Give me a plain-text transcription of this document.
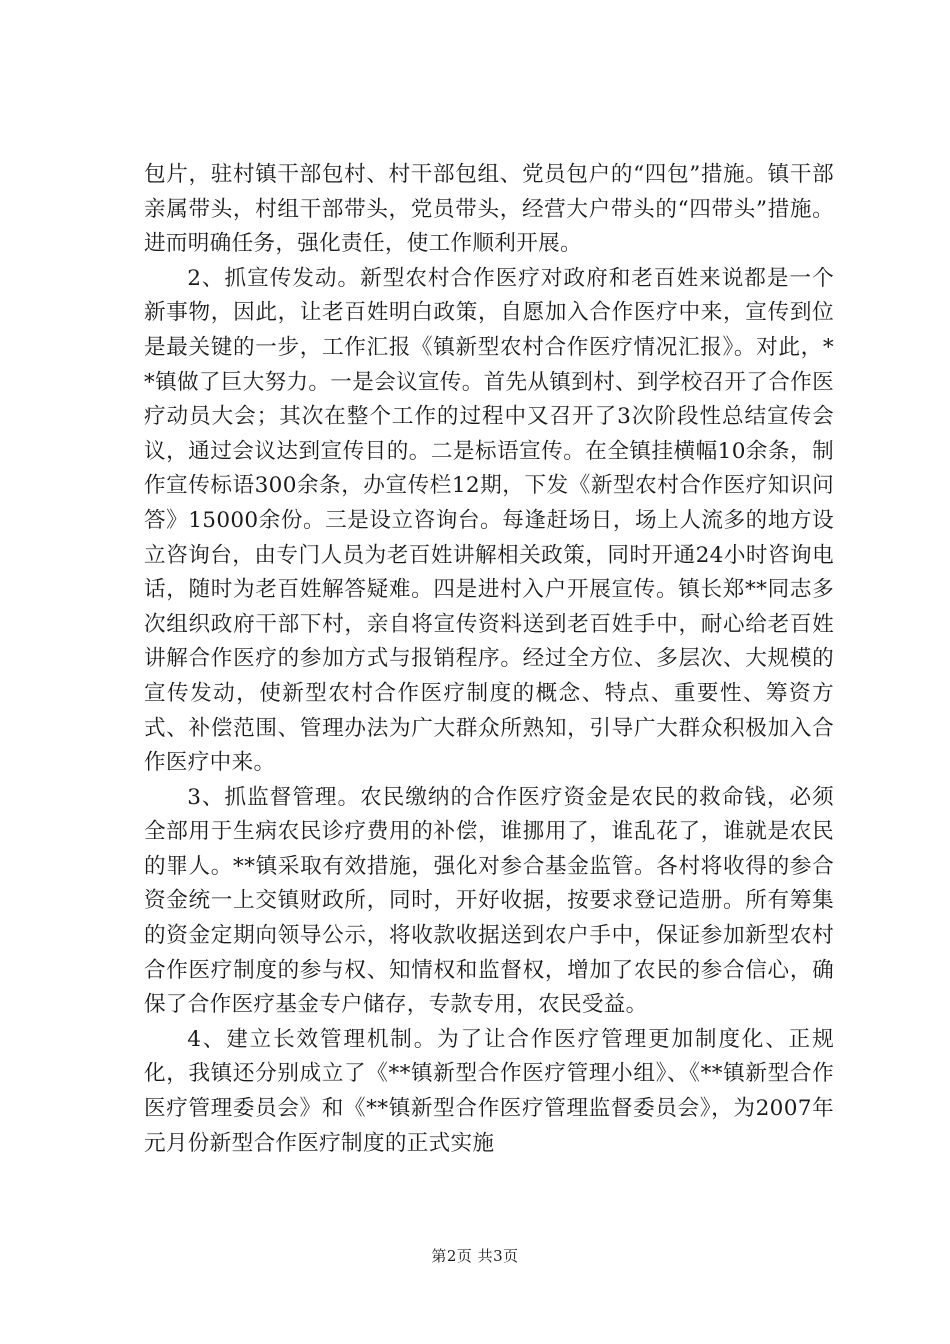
包片，驻村镇干部包村、村干部包组、党员包户的“四包”措施。镇干部亲属带头，村组干部带头，党员带头，经营大户带头的“四带头”措施。进而明确任务，强化责任，使工作顺利开展。

2、抓宣传发动。新型农村合作医疗对政府和老百姓来说都是一个新事物，因此，让老百姓明白政策，自愿加入合作医疗中来，宣传到位是最关键的一步，工作汇报《镇新型农村合作医疗情况汇报》。对此，**镇做了巨大努力。一是会议宣传。首先从镇到村、到学校召开了合作医疗动员大会；其次在整个工作的过程中又召开了3次阶段性总结宣传会议，通过会议达到宣传目的。二是标语宣传。在全镇挂横幅10余条，制作宣传标语300余条，办宣传栏12期，下发《新型农村合作医疗知识问答》15000余份。三是设立咨询台。每逢赶场日，场上人流多的地方设立咨询台，由专门人员为老百姓讲解相关政策，同时开通24小时咨询电话，随时为老百姓解答疑难。四是进村入户开展宣传。镇长郑**同志多次组织政府干部下村，亲自将宣传资料送到老百姓手中，耐心给老百姓讲解合作医疗的参加方式与报销程序。经过全方位、多层次、大规模的宣传发动，使新型农村合作医疗制度的概念、特点、重要性、筹资方式、补偿范围、管理办法为广大群众所熟知，引导广大群众积极加入合作医疗中来。

3、抓监督管理。农民缴纳的合作医疗资金是农民的救命钱，必须全部用于生病农民诊疗费用的补偿，谁挪用了，谁乱花了，谁就是农民的罪人。**镇采取有效措施，强化对参合基金监管。各村将收得的参合资金统一上交镇财政所，同时，开好收据，按要求登记造册。所有筹集的资金定期向领导公示，将收款收据送到农户手中，保证参加新型农村合作医疗制度的参与权、知情权和监督权，增加了农民的参合信心，确保了合作医疗基金专户储存，专款专用，农民受益。

4、建立长效管理机制。为了让合作医疗管理更加制度化、正规化，我镇还分别成立了《**镇新型合作医疗管理小组》、《**镇新型合作医疗管理委员会》和《**镇新型合作医疗管理监督委员会》，为2007年元月份新型合作医疗制度的正式实施

第2页 共3页
